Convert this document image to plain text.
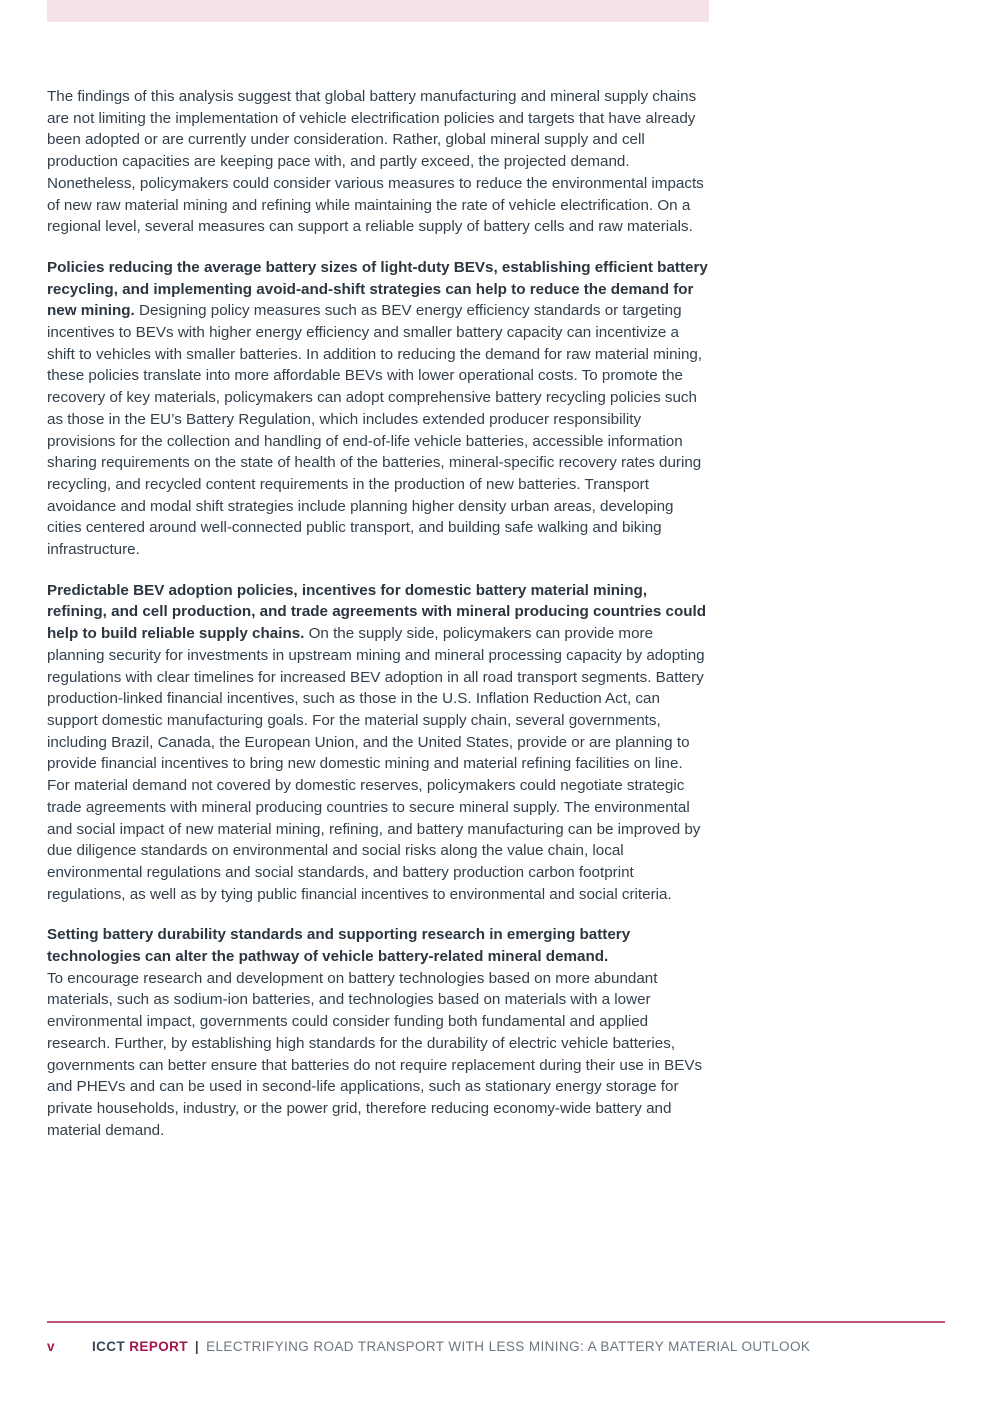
The findings of this analysis suggest that global battery manufacturing and mineral supply chains are not limiting the implementation of vehicle electrification policies and targets that have already been adopted or are currently under consideration. Rather, global mineral supply and cell production capacities are keeping pace with, and partly exceed, the projected demand. Nonetheless, policymakers could consider various measures to reduce the environmental impacts of new raw material mining and refining while maintaining the rate of vehicle electrification. On a regional level, several measures can support a reliable supply of battery cells and raw materials.

Policies reducing the average battery sizes of light-duty BEVs, establishing efficient battery recycling, and implementing avoid-and-shift strategies can help to reduce the demand for new mining. Designing policy measures such as BEV energy efficiency standards or targeting incentives to BEVs with higher energy efficiency and smaller battery capacity can incentivize a shift to vehicles with smaller batteries. In addition to reducing the demand for raw material mining, these policies translate into more affordable BEVs with lower operational costs. To promote the recovery of key materials, policymakers can adopt comprehensive battery recycling policies such as those in the EU’s Battery Regulation, which includes extended producer responsibility provisions for the collection and handling of end-of-life vehicle batteries, accessible information sharing requirements on the state of health of the batteries, mineral-specific recovery rates during recycling, and recycled content requirements in the production of new batteries. Transport avoidance and modal shift strategies include planning higher density urban areas, developing cities centered around well-connected public transport, and building safe walking and biking infrastructure.

Predictable BEV adoption policies, incentives for domestic battery material mining, refining, and cell production, and trade agreements with mineral producing countries could help to build reliable supply chains. On the supply side, policymakers can provide more planning security for investments in upstream mining and mineral processing capacity by adopting regulations with clear timelines for increased BEV adoption in all road transport segments. Battery production-linked financial incentives, such as those in the U.S. Inflation Reduction Act, can support domestic manufacturing goals. For the material supply chain, several governments, including Brazil, Canada, the European Union, and the United States, provide or are planning to provide financial incentives to bring new domestic mining and material refining facilities on line. For material demand not covered by domestic reserves, policymakers could negotiate strategic trade agreements with mineral producing countries to secure mineral supply. The environmental and social impact of new material mining, refining, and battery manufacturing can be improved by due diligence standards on environmental and social risks along the value chain, local environmental regulations and social standards, and battery production carbon footprint regulations, as well as by tying public financial incentives to environmental and social criteria.

Setting battery durability standards and supporting research in emerging battery technologies can alter the pathway of vehicle battery-related mineral demand.
To encourage research and development on battery technologies based on more abundant materials, such as sodium-ion batteries, and technologies based on materials with a lower environmental impact, governments could consider funding both fundamental and applied research. Further, by establishing high standards for the durability of electric vehicle batteries, governments can better ensure that batteries do not require replacement during their use in BEVs and PHEVs and can be used in second-life applications, such as stationary energy storage for private households, industry, or the power grid, therefore reducing economy-wide battery and material demand.

v	ICCT REPORT | ELECTRIFYING ROAD TRANSPORT WITH LESS MINING: A BATTERY MATERIAL OUTLOOK
